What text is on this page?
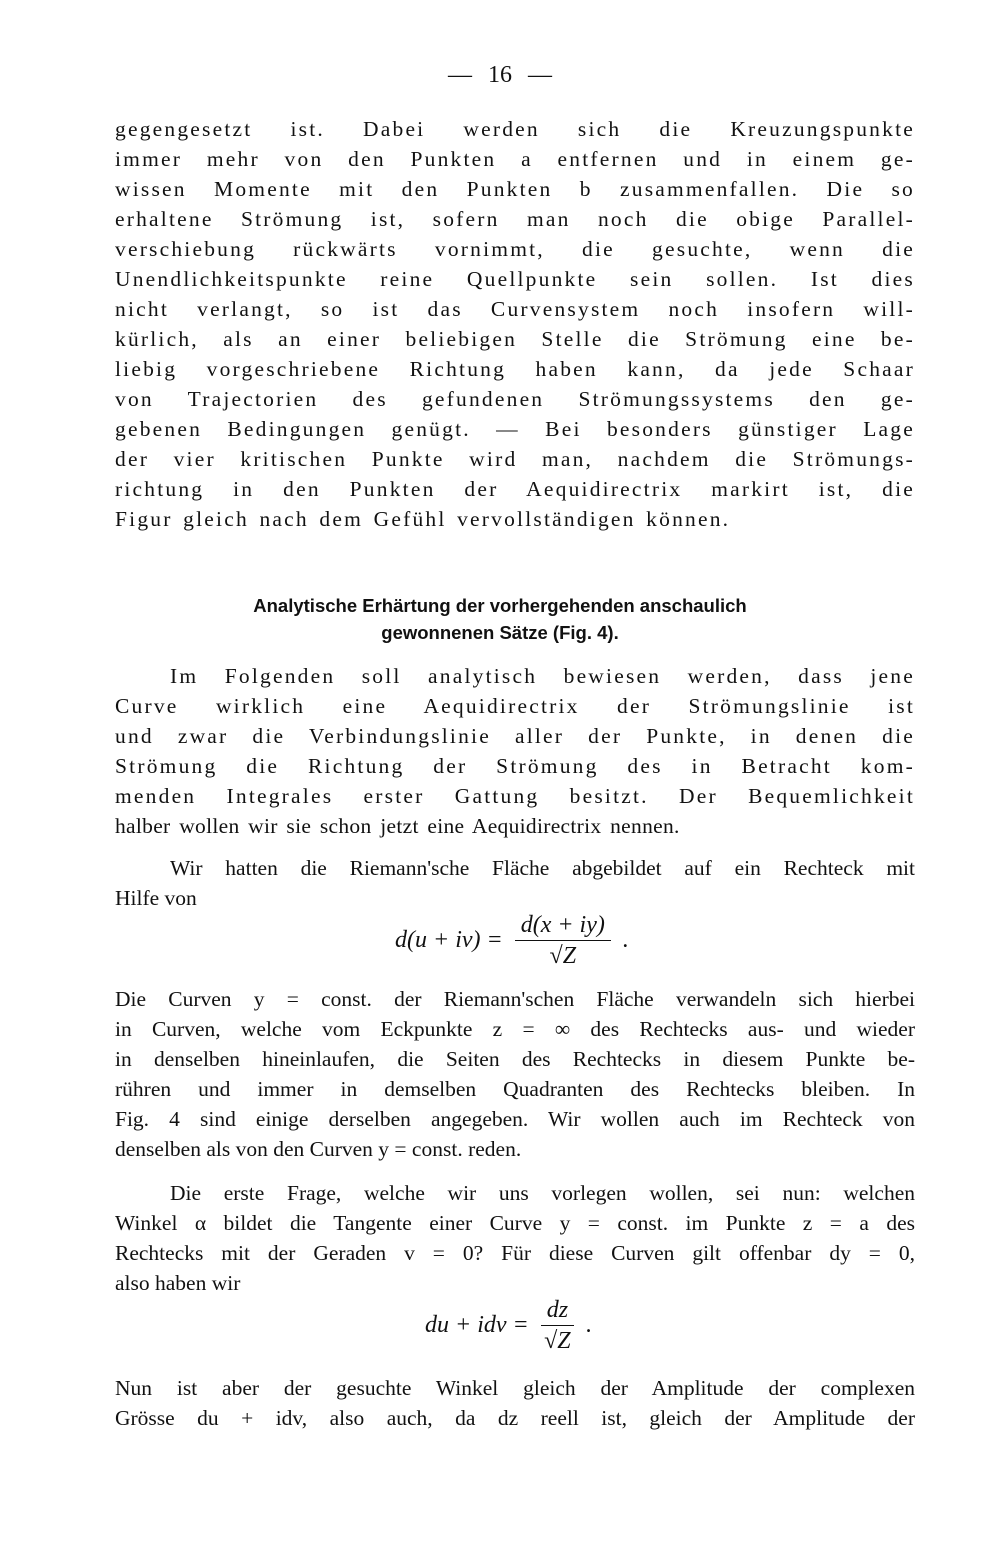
— 16 —
gegengesetzt ist. Dabei werden sich die Kreuzungspunkte
immer mehr von den Punkten a entfernen und in einem ge-
wissen Momente mit den Punkten b zusammenfallen. Die so
erhaltene Strömung ist, sofern man noch die obige Parallel-
verschiebung rückwärts vornimmt, die gesuchte, wenn die
Unendlichkeitspunkte reine Quellpunkte sein sollen. Ist dies
nicht verlangt, so ist das Curvensystem noch insofern will-
kürlich, als an einer beliebigen Stelle die Strömung eine be-
liebig vorgeschriebene Richtung haben kann, da jede Schaar
von Trajectorien des gefundenen Strömungssystems den ge-
gebenen Bedingungen genügt. — Bei besonders günstiger Lage
der vier kritischen Punkte wird man, nachdem die Strömungs-
richtung in den Punkten der Aequidirectrix markirt ist, die
Figur gleich nach dem Gefühl vervollständigen können.
Analytische Erhärtung der vorhergehenden anschaulich
gewonnenen Sätze (Fig. 4).
Im Folgenden soll analytisch bewiesen werden, dass jene
Curve wirklich eine Aequidirectrix der Strömungslinie ist
und zwar die Verbindungslinie aller der Punkte, in denen die
Strömung die Richtung der Strömung des in Betracht kom-
menden Integrales erster Gattung besitzt. Der Bequemlichkeit
halber wollen wir sie schon jetzt eine Aequidirectrix nennen.
Wir hatten die Riemann'sche Fläche abgebildet auf ein Rechteck mit
Hilfe von
$d(u + iv) = \frac{d(x + iy)}{√Z}$ .
Die Curven y = const. der Riemann'schen Fläche verwandeln sich hierbei
in Curven, welche vom Eckpunkte z = ∞ des Rechtecks aus- und wieder
in denselben hineinlaufen, die Seiten des Rechtecks in diesem Punkte be-
rühren und immer in demselben Quadranten des Rechtecks bleiben. In
Fig. 4 sind einige derselben angegeben. Wir wollen auch im Rechteck von
denselben als von den Curven y = const. reden.
Die erste Frage, welche wir uns vorlegen wollen, sei nun: welchen
Winkel α bildet die Tangente einer Curve y = const. im Punkte z = a des
Rechtecks mit der Geraden v = 0? Für diese Curven gilt offenbar dy = 0,
also haben wir
du + idv = $\frac{dz}{√Z}$ .
Nun ist aber der gesuchte Winkel gleich der Amplitude der complexen
Grösse du + idv, also auch, da dz reell ist, gleich der Amplitude der
